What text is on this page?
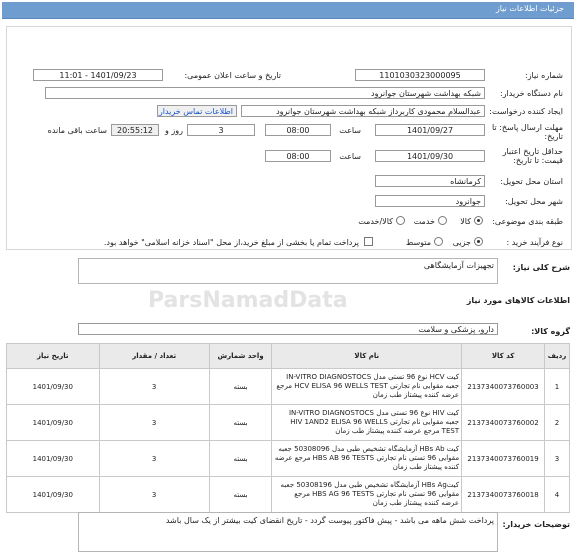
جزئیات اطلاعات نیاز
شماره نیاز:
1101030323000095
تاریخ و ساعت اعلان عمومی:
1401/09/23 - 11:01
نام دستگاه خریدار:
شبکه بهداشت شهرستان جوانرود
ایجاد کننده درخواست:
عبدالسلام محمودی کاربرداز شبکه بهداشت شهرستان جوانرود
اطلاعات تماس خریدار
مهلت ارسال پاسخ: تا تاریخ:
1401/09/27
ساعت
08:00
3
روز و
20:55:12
ساعت باقی مانده
حداقل تاریخ اعتبار قیمت: تا تاریخ:
1401/09/30
ساعت
08:00
استان محل تحویل:
کرمانشاه
شهر محل تحویل:
جوانرود
طبقه بندی موضوعی:
کالا
خدمت
کالا/خدمت
نوع فرآیند خرید :
جزیی
متوسط
پرداخت تمام یا بخشی از مبلغ خرید،از محل "اسناد خزانه اسلامی" خواهد بود.
ParsNamadData
شرح کلی نیاز:
تجهیزات آزمایشگاهی
اطلاعات کالاهای مورد نیاز
گروه کالا:
دارو، پزشکی و سلامت
ردیف	کد کالا	نام کالا	واحد شمارش	تعداد / مقدار	تاریخ نیاز
1	2137340073760003	کیت HCV نوع 96 تستی مدل IN-VITRO DIAGNOSTOCS جعبه مقوایی نام تجارتی HCV ELISA 96 WELLS TEST مرجع عرضه کننده پیشتاز طب زمان	بسته	3	1401/09/30
2	2137340073760002	کیت HIV نوع 96 تستی مدل IN-VITRO DIAGNOSTOCS جعبه مقوایی نام تجارتی HIV 1AND2 ELISA 96 WELLS TEST مرجع عرضه کننده پیشتاز طب زمان	بسته	3	1401/09/30
3	2137340073760019	کیت HBs Ab آزمایشگاه تشخیص طبی مدل 50308096 جعبه مقوایی 96 تستی نام تجارتی HBS AB 96 TESTS مرجع عرضه کننده پیشتاز طب زمان	بسته	3	1401/09/30
4	2137340073760018	کیتHBs Ag آزمایشگاه تشخیص طبی مدل 50308196 جعبه مقوایی 96 تستی نام تجارتی HBS AG 96 TESTS مرجع عرضه کننده پیشتاز طب زمان	بسته	3	1401/09/30
توضیحات خریدار:
پرداخت شش ماهه می باشد - پیش فاکتور پیوست گردد - تاریخ انقضای کیت بیشتر از یک سال باشد
